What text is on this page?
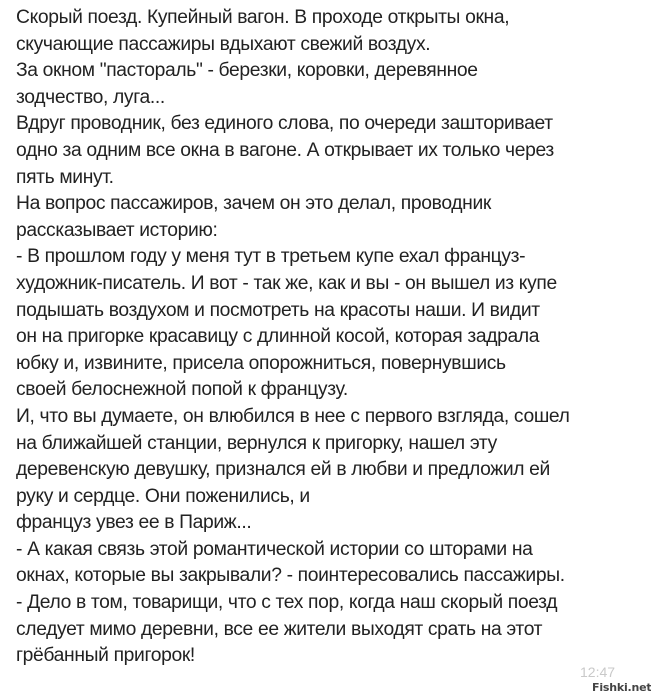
Скорый поезд. Купейный вагон. В проходе открыты окна,
скучающие пассажиры вдыхают свежий воздух.
За окном "пастораль" - березки, коровки, деревянное
зодчество, луга...
Вдруг проводник, без единого слова, по очереди зашторивает
одно за одним все окна в вагоне. А открывает их только через
пять минут.
На вопрос пассажиров, зачем он это делал, проводник
рассказывает историю:
- В прошлом году у меня тут в третьем купе ехал француз-
художник-писатель. И вот - так же, как и вы - он вышел из купе
подышать воздухом и посмотреть на красоты наши. И видит
он на пригорке красавицу с длинной косой, которая задрала
юбку и, извините, присела опорожниться, повернувшись
своей белоснежной попой к французу.
И, что вы думаете, он влюбился в нее с первого взгляда, сошел
на ближайшей станции, вернулся к пригорку, нашел эту
деревенскую девушку, признался ей в любви и предложил ей
руку и сердце. Они поженились, и
француз увез ее в Париж...
- А какая связь этой романтической истории со шторами на
окнах, которые вы закрывали? - поинтересовались пассажиры.
- Дело в том, товарищи, что с тех пор, когда наш скорый поезд
следует мимо деревни, все ее жители выходят срать на этот
грёбанный пригорок!
12:47
Fishki.net
